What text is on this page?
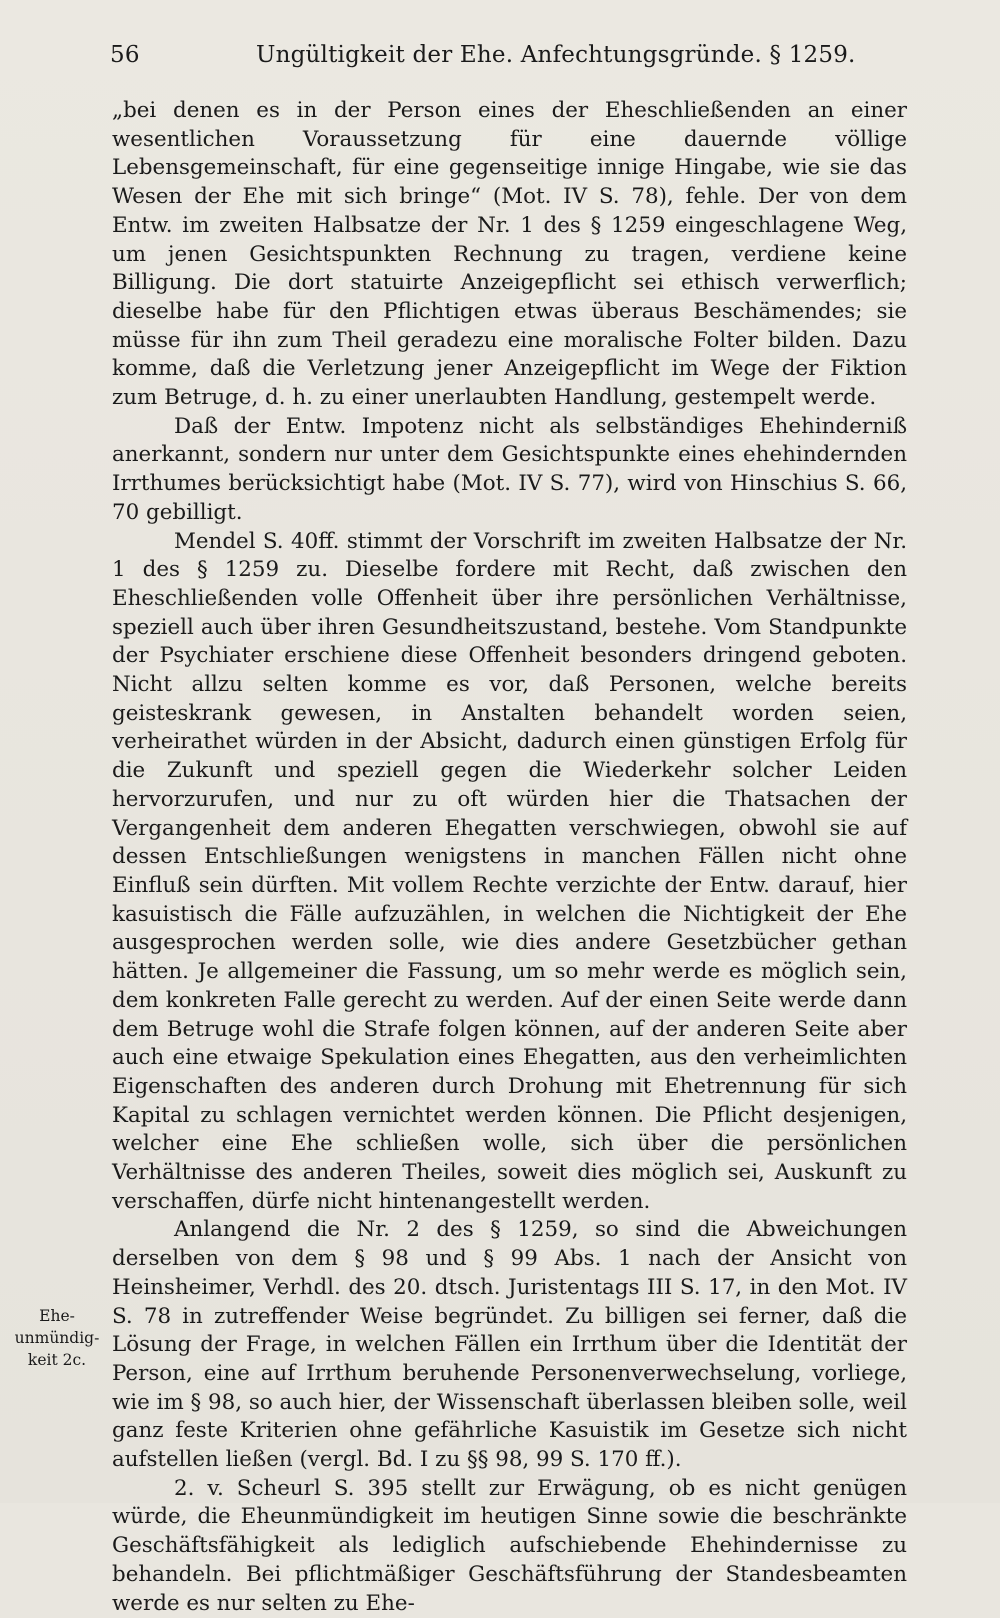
56	Ungültigkeit der Ehe. Anfechtungsgründe. § 1259.

„bei denen es in der Person eines der Eheschließenden an einer wesentlichen Voraussetzung für eine dauernde völlige Lebensgemeinschaft, für eine gegenseitige innige Hingabe, wie sie das Wesen der Ehe mit sich bringe“ (Mot. IV S. 78), fehle. Der von dem Entw. im zweiten Halbsatze der Nr. 1 des § 1259 eingeschlagene Weg, um jenen Gesichtspunkten Rechnung zu tragen, verdiene keine Billigung. Die dort statuirte Anzeigepflicht sei ethisch verwerflich; dieselbe habe für den Pflichtigen etwas überaus Beschämendes; sie müsse für ihn zum Theil geradezu eine moralische Folter bilden. Dazu komme, daß die Verletzung jener Anzeigepflicht im Wege der Fiktion zum Betruge, d. h. zu einer unerlaubten Handlung, gestempelt werde.

Daß der Entw. Impotenz nicht als selbständiges Ehehinderniß anerkannt, sondern nur unter dem Gesichtspunkte eines ehehindernden Irrthumes berücksichtigt habe (Mot. IV S. 77), wird von Hinschius S. 66, 70 gebilligt.

Mendel S. 40ff. stimmt der Vorschrift im zweiten Halbsatze der Nr. 1 des § 1259 zu. Dieselbe fordere mit Recht, daß zwischen den Eheschließenden volle Offenheit über ihre persönlichen Verhältnisse, speziell auch über ihren Gesundheitszustand, bestehe. Vom Standpunkte der Psychiater erschiene diese Offenheit besonders dringend geboten. Nicht allzu selten komme es vor, daß Personen, welche bereits geisteskrank gewesen, in Anstalten behandelt worden seien, verheirathet würden in der Absicht, dadurch einen günstigen Erfolg für die Zukunft und speziell gegen die Wiederkehr solcher Leiden hervorzurufen, und nur zu oft würden hier die Thatsachen der Vergangenheit dem anderen Ehegatten verschwiegen, obwohl sie auf dessen Entschließungen wenigstens in manchen Fällen nicht ohne Einfluß sein dürften. Mit vollem Rechte verzichte der Entw. darauf, hier kasuistisch die Fälle aufzuzählen, in welchen die Nichtigkeit der Ehe ausgesprochen werden solle, wie dies andere Gesetzbücher gethan hätten. Je allgemeiner die Fassung, um so mehr werde es möglich sein, dem konkreten Falle gerecht zu werden. Auf der einen Seite werde dann dem Betruge wohl die Strafe folgen können, auf der anderen Seite aber auch eine etwaige Spekulation eines Ehegatten, aus den verheimlichten Eigenschaften des anderen durch Drohung mit Ehetrennung für sich Kapital zu schlagen vernichtet werden können. Die Pflicht desjenigen, welcher eine Ehe schließen wolle, sich über die persönlichen Verhältnisse des anderen Theiles, soweit dies möglich sei, Auskunft zu verschaffen, dürfe nicht hintenangestellt werden.

Anlangend die Nr. 2 des § 1259, so sind die Abweichungen derselben von dem § 98 und § 99 Abs. 1 nach der Ansicht von Heinsheimer, Verhdl. des 20. dtsch. Juristentags III S. 17, in den Mot. IV S. 78 in zutreffender Weise begründet. Zu billigen sei ferner, daß die Lösung der Frage, in welchen Fällen ein Irrthum über die Identität der Person, eine auf Irrthum beruhende Personenverwechselung, vorliege, wie im § 98, so auch hier, der Wissenschaft überlassen bleiben solle, weil ganz feste Kriterien ohne gefährliche Kasuistik im Gesetze sich nicht aufstellen ließen (vergl. Bd. I zu §§ 98, 99 S. 170 ff.).

2. v. Scheurl S. 395 stellt zur Erwägung, ob es nicht genügen würde, die Eheunmündigkeit im heutigen Sinne sowie die beschränkte Geschäftsfähigkeit als lediglich aufschiebende Ehehindernisse zu behandeln. Bei pflichtmäßiger Geschäftsführung der Standesbeamten werde es nur selten zu Ehe-

Ehe-
unmündig-
keit 2c.
